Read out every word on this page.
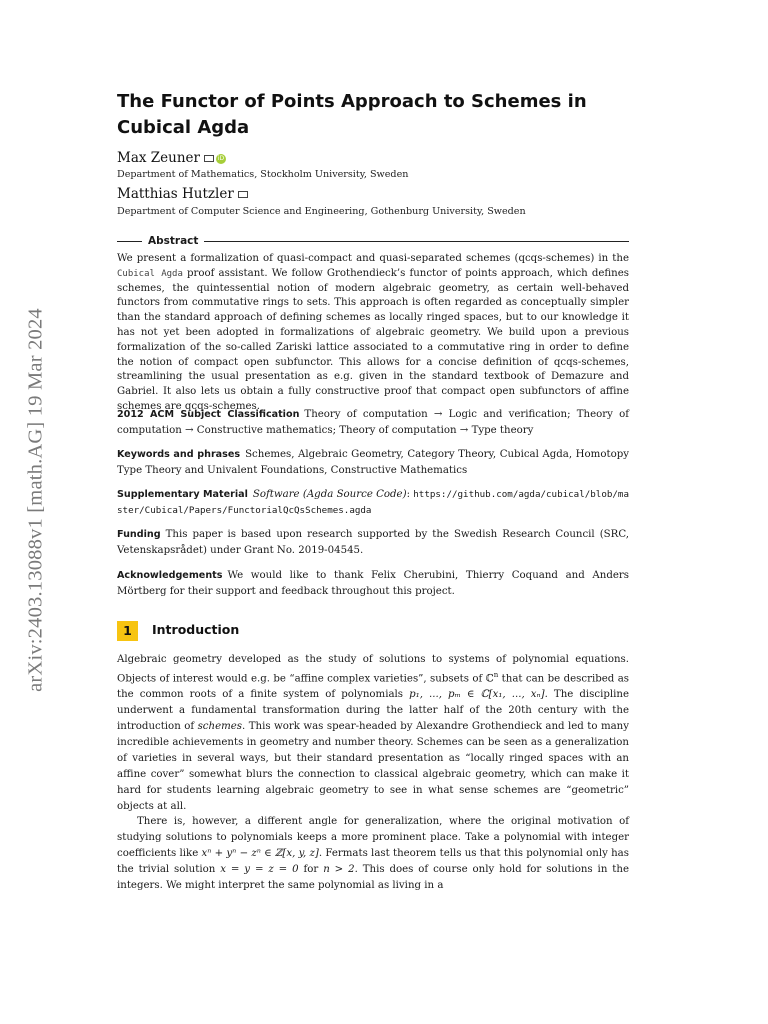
arXiv:2403.13088v1 [math.AG] 19 Mar 2024
The Functor of Points Approach to Schemes in Cubical Agda
Max Zeuner	iD
Department of Mathematics, Stockholm University, Sweden
Matthias Hutzler
Department of Computer Science and Engineering, Gothenburg University, Sweden
Abstract

We present a formalization of quasi-compact and quasi-separated schemes (qcqs-schemes) in the Cubical Agda proof assistant. We follow Grothendieck’s functor of points approach, which defines schemes, the quintessential notion of modern algebraic geometry, as certain well-behaved functors from commutative rings to sets. This approach is often regarded as conceptually simpler than the standard approach of defining schemes as locally ringed spaces, but to our knowledge it has not yet been adopted in formalizations of algebraic geometry. We build upon a previous formalization of the so-called Zariski lattice associated to a commutative ring in order to define the notion of compact open subfunctor. This allows for a concise definition of qcqs-schemes, streamlining the usual presentation as e.g. given in the standard textbook of Demazure and Gabriel. It also lets us obtain a fully constructive proof that compact open subfunctors of affine schemes are qcqs-schemes.

2012 ACM Subject Classification Theory of computation → Logic and verification; Theory of computation → Constructive mathematics; Theory of computation → Type theory
Keywords and phrases Schemes, Algebraic Geometry, Category Theory, Cubical Agda, Homotopy Type Theory and Univalent Foundations, Constructive Mathematics
Supplementary Material Software (Agda Source Code): https://github.com/agda/cubical/blob/master/Cubical/Papers/FunctorialQcQsSchemes.agda
Funding This paper is based upon research supported by the Swedish Research Council (SRC, Vetenskapsrådet) under Grant No. 2019-04545.
Acknowledgements We would like to thank Felix Cherubini, Thierry Coquand and Anders Mörtberg for their support and feedback throughout this project.
1 Introduction

Algebraic geometry developed as the study of solutions to systems of polynomial equations. Objects of interest would e.g. be “affine complex varieties”, subsets of ℂ$^n$ that can be described as the common roots of a finite system of polynomials p₁, ..., pₘ ∈ ℂ[x₁, ..., xₙ]. The discipline underwent a fundamental transformation during the latter half of the 20th century with the introduction of schemes. This work was spear-headed by Alexandre Grothendieck and led to many incredible achievements in geometry and number theory. Schemes can be seen as a generalization of varieties in several ways, but their standard presentation as “locally ringed spaces with an affine cover” somewhat blurs the connection to classical algebraic geometry, which can make it hard for students learning algebraic geometry to see in what sense schemes are “geometric” objects at all.

There is, however, a different angle for generalization, where the original motivation of studying solutions to polynomials keeps a more prominent place. Take a polynomial with integer coefficients like xⁿ + yⁿ − zⁿ ∈ ℤ[x, y, z]. Fermats last theorem tells us that this polynomial only has the trivial solution x = y = z = 0 for n > 2. This does of course only hold for solutions in the integers. We might interpret the same polynomial as living in a
